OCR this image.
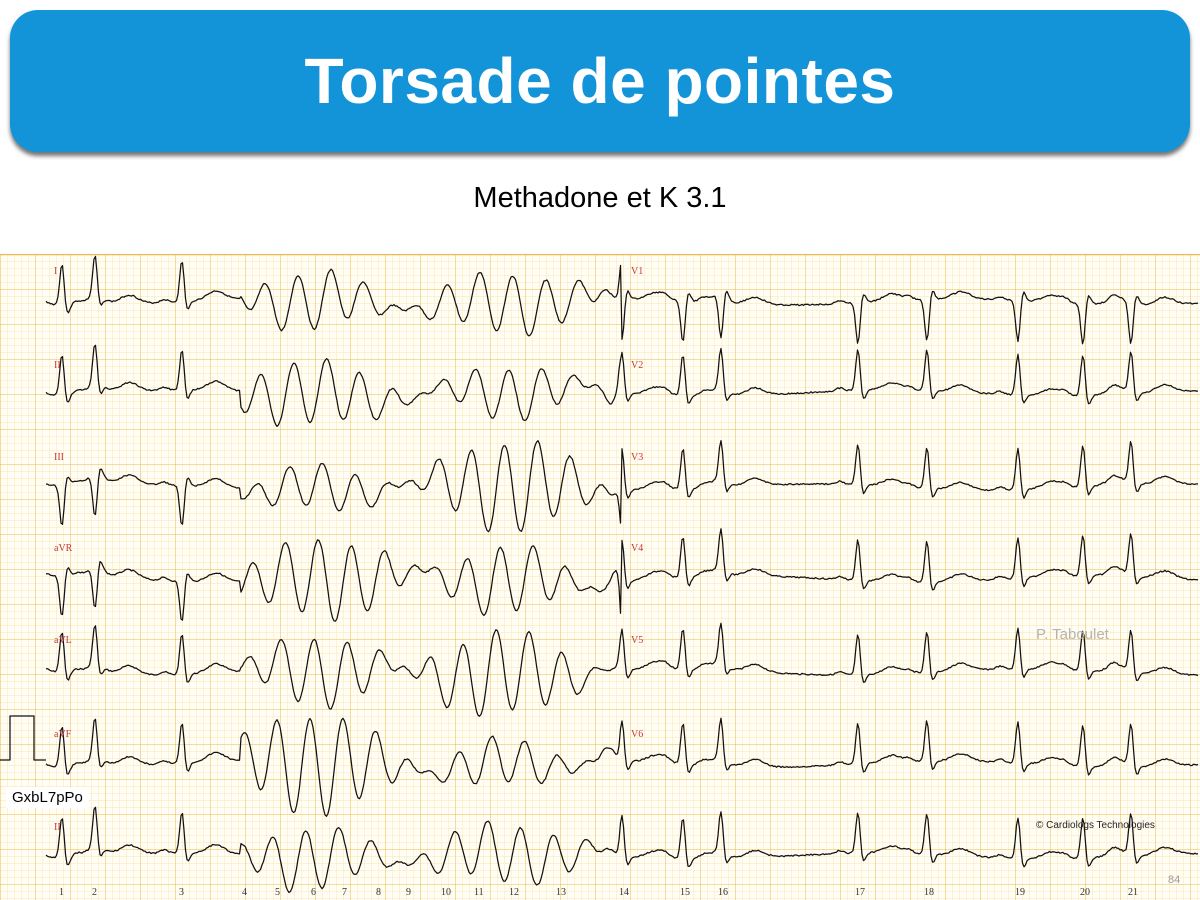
Torsade de pointes
Methadone et K 3.1
I
II
III
aVR
aVL
aVF
II
V1
V2
V3
V4
V5
V6
1	2	3	4	5	6	7	8	9	10 11	12	13	14	15	16	17	18	19	20	21
GxbL7pPo
P. Taboulet
© Cardiologs Technologies
84
